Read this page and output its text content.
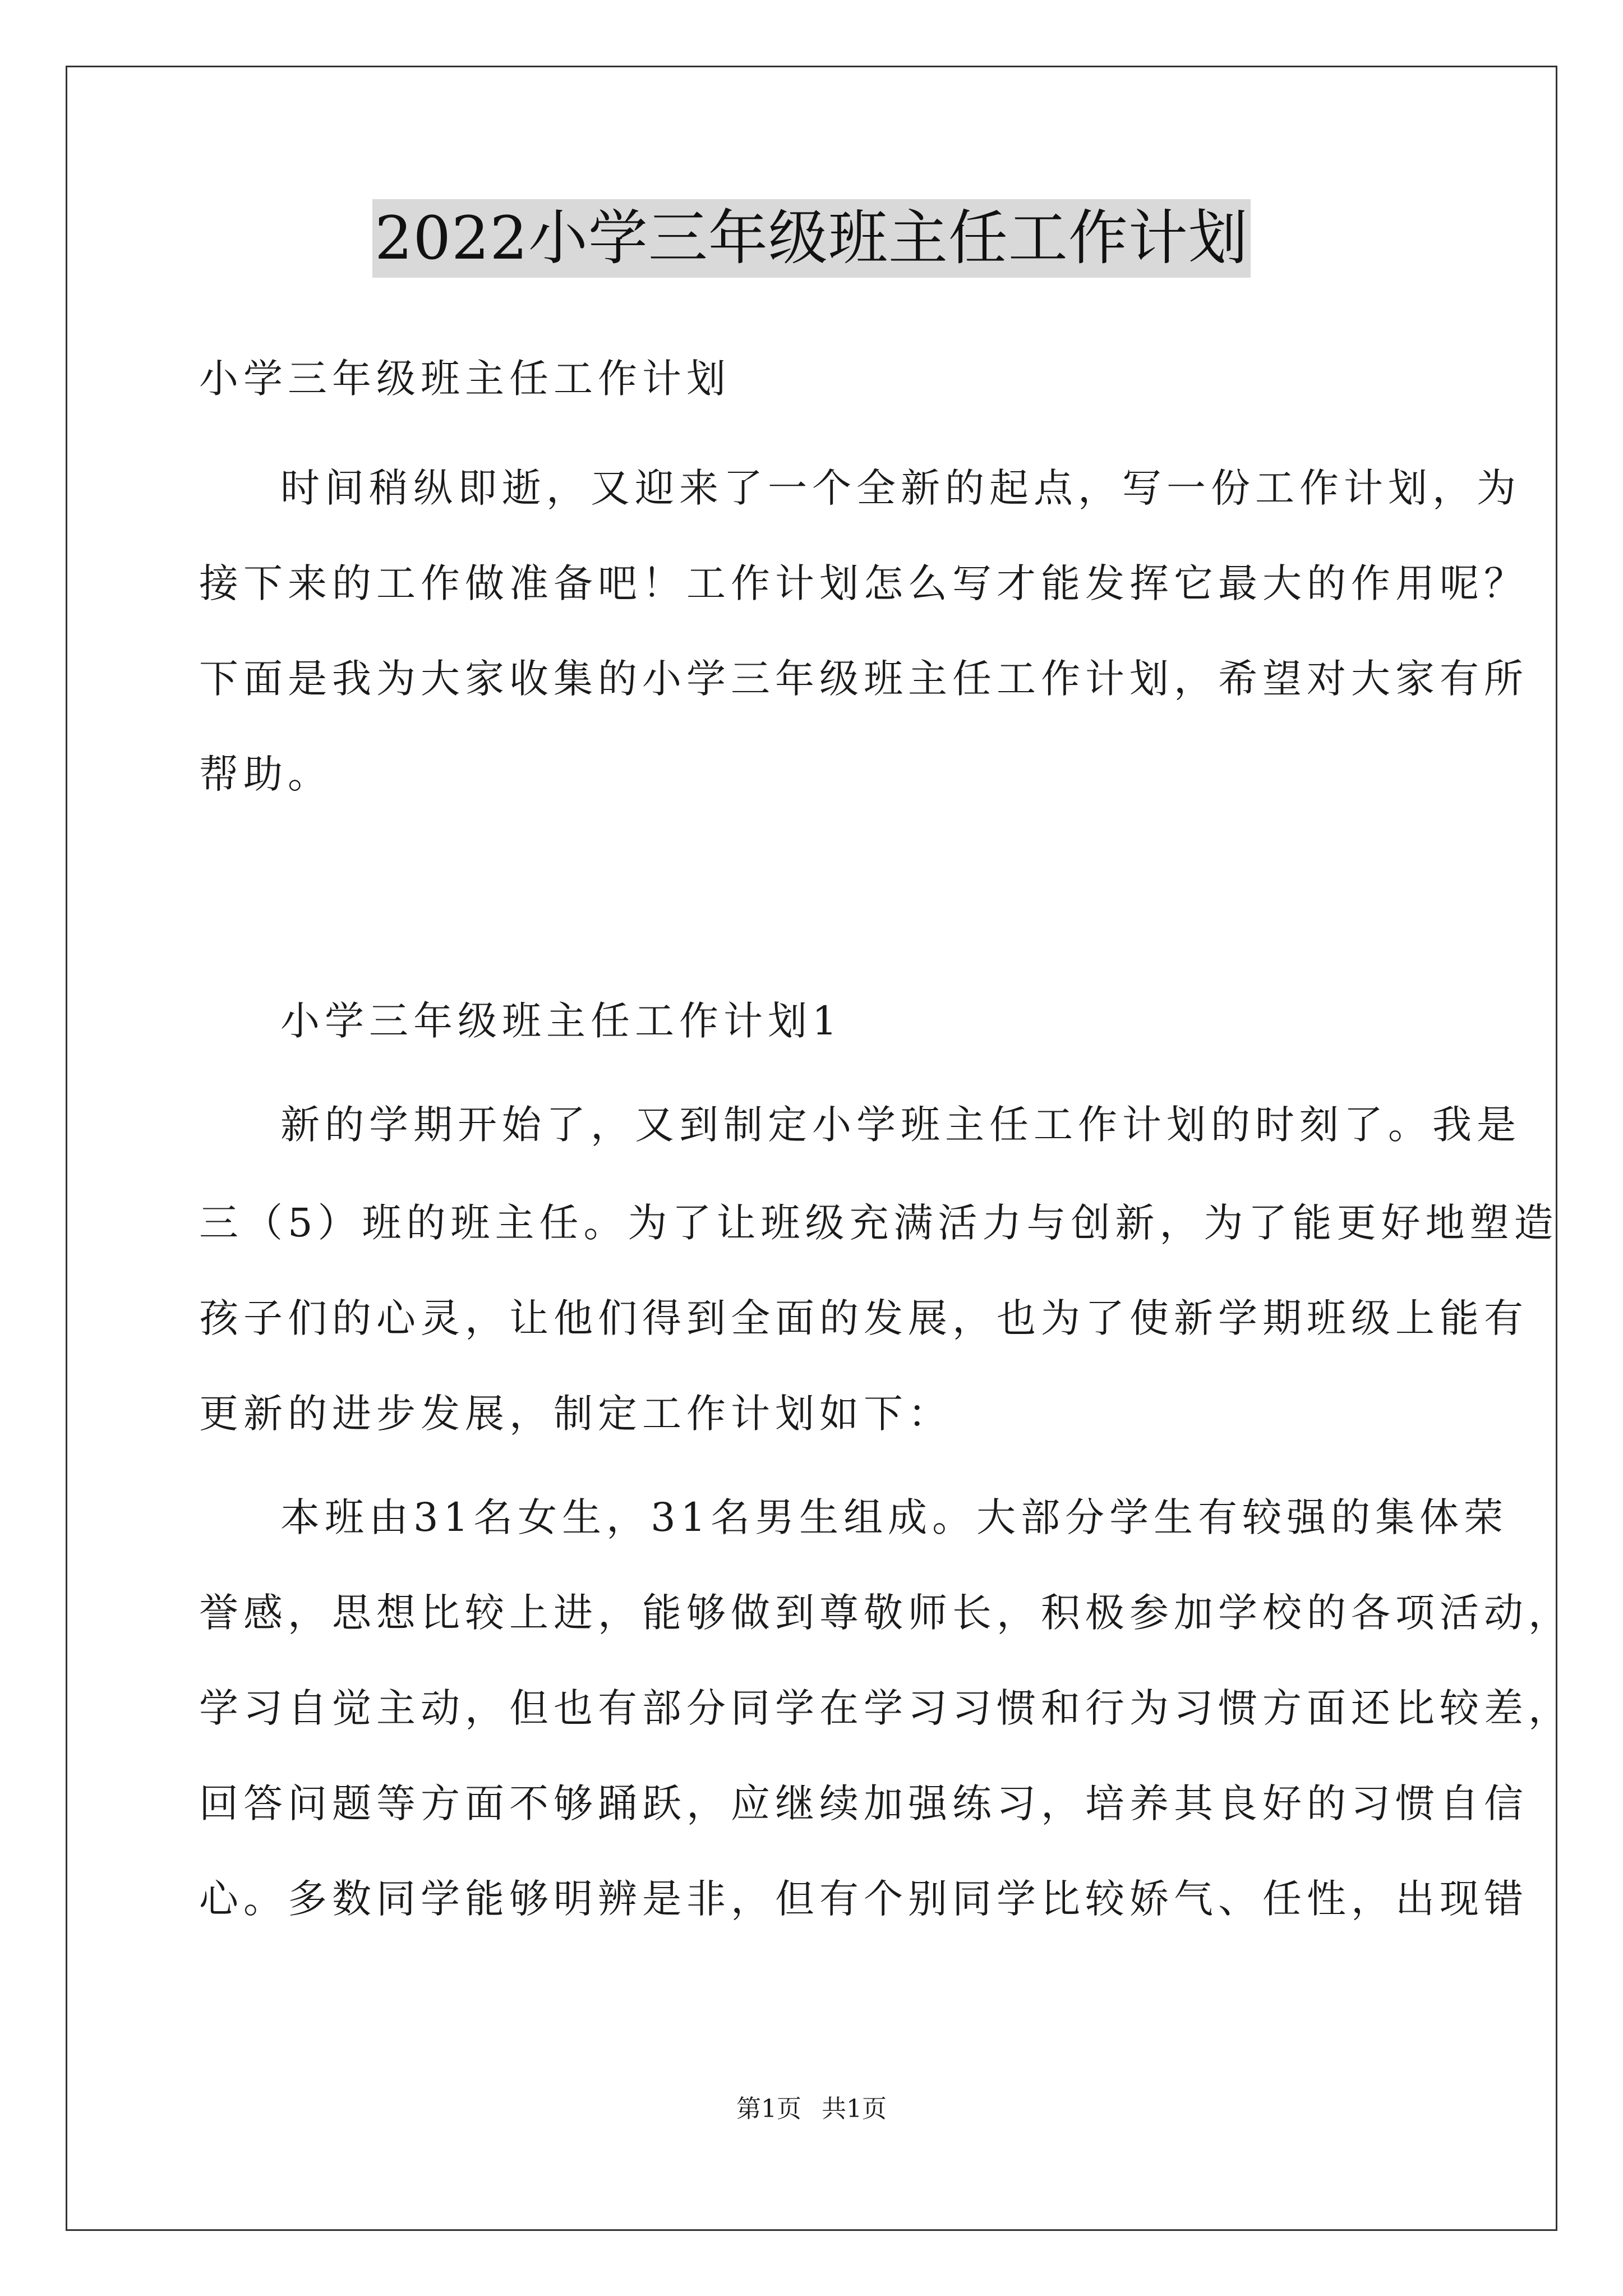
2022小学三年级班主任工作计划
小学三年级班主任工作计划
时间稍纵即逝，又迎来了一个全新的起点，写一份工作计划，为
接下来的工作做准备吧！工作计划怎么写才能发挥它最大的作用呢？
下面是我为大家收集的小学三年级班主任工作计划，希望对大家有所
帮助。
小学三年级班主任工作计划1
新的学期开始了，又到制定小学班主任工作计划的时刻了。我是
三（5）班的班主任。为了让班级充满活力与创新，为了能更好地塑造
孩子们的心灵，让他们得到全面的发展，也为了使新学期班级上能有
更新的进步发展，制定工作计划如下：
本班由31名女生，31名男生组成。大部分学生有较强的集体荣
誉感，思想比较上进，能够做到尊敬师长，积极参加学校的各项活动，
学习自觉主动，但也有部分同学在学习习惯和行为习惯方面还比较差，
回答问题等方面不够踊跃，应继续加强练习，培养其良好的习惯自信
心。多数同学能够明辨是非，但有个别同学比较娇气、任性，出现错
第1页 共1页
